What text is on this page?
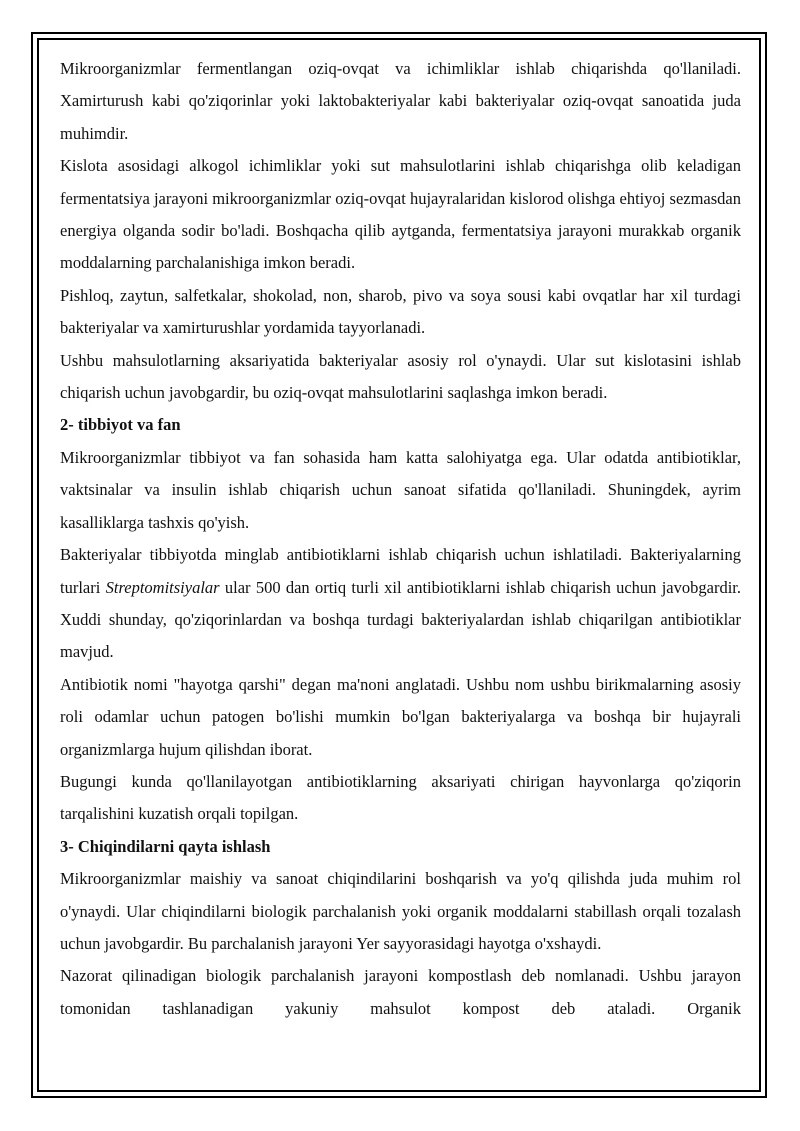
Mikroorganizmlar fermentlangan oziq-ovqat va ichimliklar ishlab chiqarishda qo'llaniladi. Xamirturush kabi qo'ziqorinlar yoki laktobakteriyalar kabi bakteriyalar oziq-ovqat sanoatida juda muhimdir.

Kislota asosidagi alkogol ichimliklar yoki sut mahsulotlarini ishlab chiqarishga olib keladigan fermentatsiya jarayoni mikroorganizmlar oziq-ovqat hujayralaridan kislorod olishga ehtiyoj sezmasdan energiya olganda sodir bo'ladi. Boshqacha qilib aytganda, fermentatsiya jarayoni murakkab organik moddalarning parchalanishiga imkon beradi.

Pishloq, zaytun, salfetkalar, shokolad, non, sharob, pivo va soya sousi kabi ovqatlar har xil turdagi bakteriyalar va xamirturushlar yordamida tayyorlanadi.

Ushbu mahsulotlarning aksariyatida bakteriyalar asosiy rol o'ynaydi. Ular sut kislotasini ishlab chiqarish uchun javobgardir, bu oziq-ovqat mahsulotlarini saqlashga imkon beradi.

2- tibbiyot va fan

Mikroorganizmlar tibbiyot va fan sohasida ham katta salohiyatga ega. Ular odatda antibiotiklar, vaktsinalar va insulin ishlab chiqarish uchun sanoat sifatida qo'llaniladi. Shuningdek, ayrim kasalliklarga tashxis qo'yish.

Bakteriyalar tibbiyotda minglab antibiotiklarni ishlab chiqarish uchun ishlatiladi. Bakteriyalarning turlari Streptomitsiyalar ular 500 dan ortiq turli xil antibiotiklarni ishlab chiqarish uchun javobgardir. Xuddi shunday, qo'ziqorinlardan va boshqa turdagi bakteriyalardan ishlab chiqarilgan antibiotiklar mavjud.

Antibiotik nomi "hayotga qarshi" degan ma'noni anglatadi. Ushbu nom ushbu birikmalarning asosiy roli odamlar uchun patogen bo'lishi mumkin bo'lgan bakteriyalarga va boshqa bir hujayrali organizmlarga hujum qilishdan iborat.

Bugungi kunda qo'llanilayotgan antibiotiklarning aksariyati chirigan hayvonlarga qo'ziqorin tarqalishini kuzatish orqali topilgan.

3- Chiqindilarni qayta ishlash

Mikroorganizmlar maishiy va sanoat chiqindilarini boshqarish va yo'q qilishda juda muhim rol o'ynaydi. Ular chiqindilarni biologik parchalanish yoki organik moddalarni stabillash orqali tozalash uchun javobgardir. Bu parchalanish jarayoni Yer sayyorasidagi hayotga o'xshaydi.

Nazorat qilinadigan biologik parchalanish jarayoni kompostlash deb nomlanadi. Ushbu jarayon tomonidan tashlanadigan yakuniy mahsulot kompost deb ataladi. Organik
